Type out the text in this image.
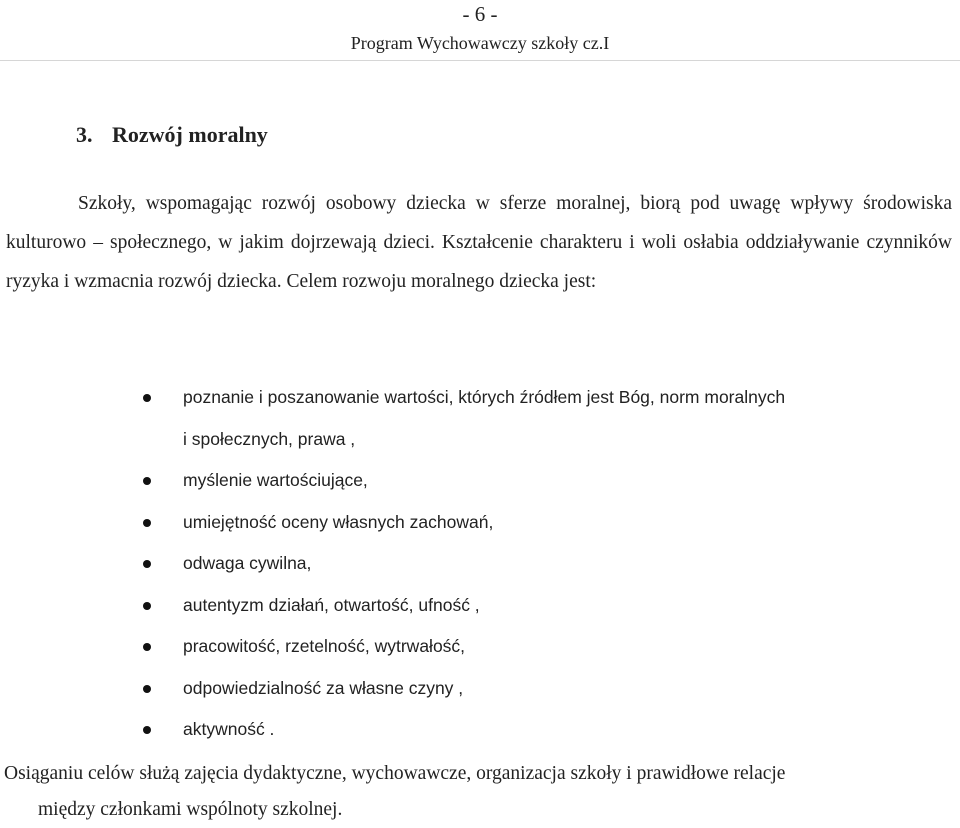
- 6 -
Program Wychowawczy szkoły cz.I
3. Rozwój moralny

Szkoły, wspomagając rozwój osobowy dziecka w sferze moralnej, biorą pod uwagę wpływy środowiska kulturowo – społecznego, w jakim dojrzewają dzieci. Kształcenie charakteru i woli osłabia oddziaływanie czynników ryzyka i wzmacnia rozwój dziecka. Celem rozwoju moralnego dziecka jest:

poznanie i poszanowanie wartości, których źródłem jest Bóg, norm moralnych
i społecznych, prawa ,
myślenie wartościujące,
umiejętność oceny własnych zachowań,
odwaga cywilna,
autentyzm działań, otwartość, ufność ,
pracowitość, rzetelność, wytrwałość,
odpowiedzialność za własne czyny ,
aktywność .

Osiąganiu celów służą zajęcia dydaktyczne, wychowawcze, organizacja szkoły i prawidłowe relacje
między członkami wspólnoty szkolnej.
